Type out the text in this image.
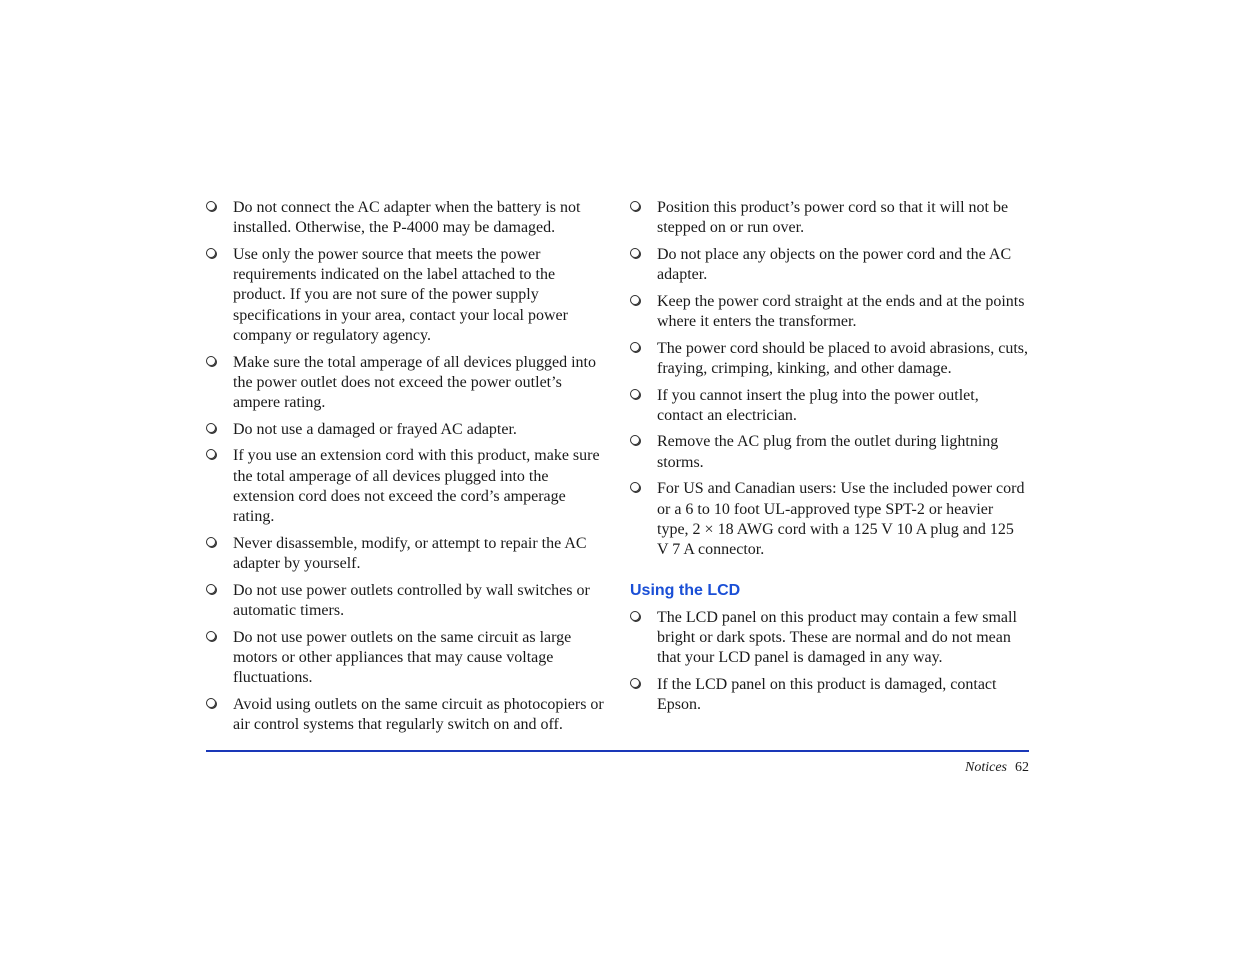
Do not connect the AC adapter when the battery is not installed. Otherwise, the P-4000 may be damaged.
Use only the power source that meets the power requirements indicated on the label attached to the product. If you are not sure of the power supply specifications in your area, contact your local power company or regulatory agency.
Make sure the total amperage of all devices plugged into the power outlet does not exceed the power outlet’s ampere rating.
Do not use a damaged or frayed AC adapter.
If you use an extension cord with this product, make sure the total amperage of all devices plugged into the extension cord does not exceed the cord’s amperage rating.
Never disassemble, modify, or attempt to repair the AC adapter by yourself.
Do not use power outlets controlled by wall switches or automatic timers.
Do not use power outlets on the same circuit as large motors or other appliances that may cause voltage fluctuations.
Avoid using outlets on the same circuit as photocopiers or air control systems that regularly switch on and off.
Position this product’s power cord so that it will not be stepped on or run over.
Do not place any objects on the power cord and the AC adapter.
Keep the power cord straight at the ends and at the points where it enters the transformer.
The power cord should be placed to avoid abrasions, cuts, fraying, crimping, kinking, and other damage.
If you cannot insert the plug into the power outlet, contact an electrician.
Remove the AC plug from the outlet during lightning storms.
For US and Canadian users: Use the included power cord or a 6 to 10 foot UL-approved type SPT-2 or heavier type, 2 × 18 AWG cord with a 125 V 10 A plug and 125 V 7 A connector.
Using the LCD
The LCD panel on this product may contain a few small bright or dark spots. These are normal and do not mean that your LCD panel is damaged in any way.
If the LCD panel on this product is damaged, contact Epson.
Notices 62
